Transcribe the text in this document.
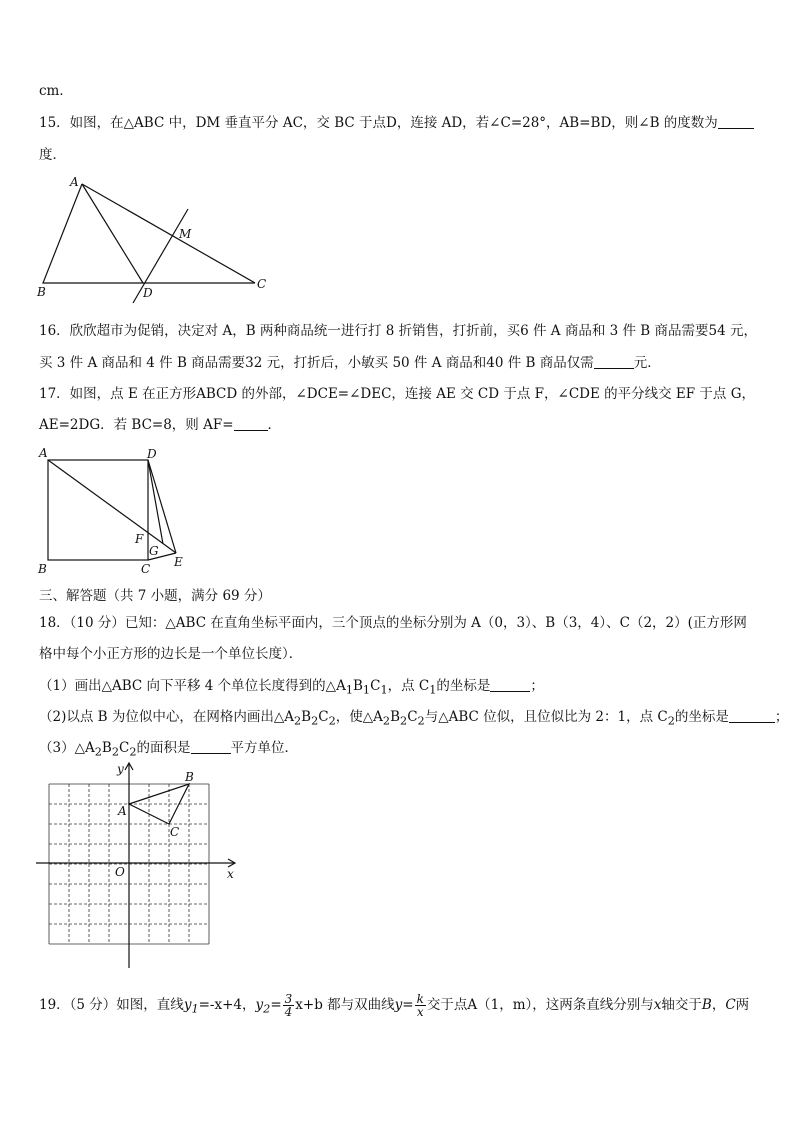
cm．
15．如图，在△ABC 中，DM 垂直平分 AC，交 BC 于点D，连接 AD，若∠C=28°，AB=BD，则∠B 的度数为
度．
A
B
C
D
M
16．欣欣超市为促销，决定对 A，B 两种商品统一进行打 8 折销售，打折前，买6 件 A 商品和 3 件 B 商品需要54 元，
买 3 件 A 商品和 4 件 B 商品需要32 元，打折后，小敏买 50 件 A 商品和40 件 B 商品仅需	元．
17．如图，点 E 在正方形ABCD 的外部，∠DCE=∠DEC，连接 AE 交 CD 于点 F，∠CDE 的平分线交 EF 于点 G，
AE=2DG．若 BC=8，则 AF=	．
A
B	C
D
E
F
G
三、解答题（共 7 小题，满分 69 分）
18．（10 分）已知：△ABC 在直角坐标平面内，三个顶点的坐标分别为 A（0，3）、B（3，4）、C（2，2）(正方形网
格中每个小正方形的边长是一个单位长度）．
（1）画出△ABC 向下平移 4 个单位长度得到的$\triangle A_1B_1C_1$，点 $C_1$的坐标是	；
（2)以点 B 为位似中心，在网格内画出$\triangle A_2B_2C_2$，使$\triangle A_2B_2C_2$与△ABC 位似，且位似比为 2：1，点 $C_2$的坐标是	；
$(3)\triangle A_2B_2C_2$的面积是	平方单位．
x
y
O
A
B
C
19．（5 分）如图，直线$y_1=-x+4$，$y_2= \frac{3}{4} x+b$ 都与双曲线$y= \frac{k}{x}$ 交于点A（1，m），这两条直线分别与x轴交于B，C两
